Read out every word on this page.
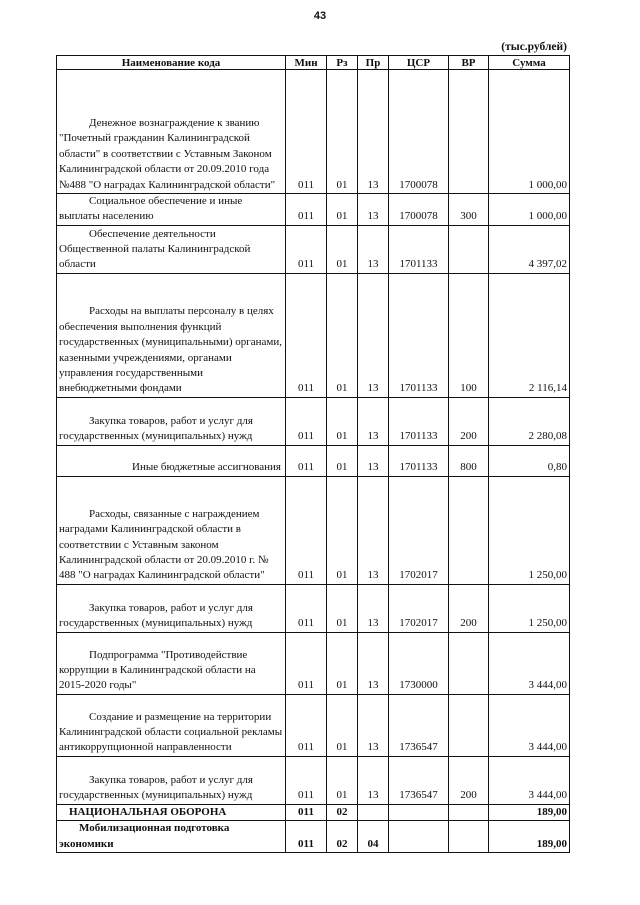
43
(тыс.рублей)
Наименование кода	Мин	Рз	Пр	ЦСР	ВР	Сумма

Денежное вознаграждение к званию "Почетный гражданин Калининградской области" в соответствии с Уставным Законом Калининградской области от 20.09.2010 года №488 "О наградах Калининградской области"	011	01	13	1700078		1 000,00

Социальное обеспечение и иные выплаты населению	011	01	13	1700078	300	1 000,00

Обеспечение деятельности Общественной палаты Калининградской области	011	01	13	1701133		4 397,02

Расходы на выплаты персоналу в целях обеспечения выполнения функций государственных (муниципальными) органами, казенными учреждениями, органами управления государственными внебюджетными фондами	011	01	13	1701133	100	2 116,14

Закупка товаров, работ и услуг для государственных (муниципальных) нужд	011	01	13	1701133	200	2 280,08

Иные бюджетные ассигнования	011	01	13	1701133	800	0,80

Расходы, связанные с награждением наградами Калининградской области в соответствии с Уставным законом Калининградской области от 20.09.2010 г. № 488 "О наградах Калининградской области"	011	01	13	1702017		1 250,00

Закупка товаров, работ и услуг для государственных (муниципальных) нужд	011	01	13	1702017	200	1 250,00

Подпрограмма "Противодействие коррупции в Калининградской области на 2015-2020 годы"	011	01	13	1730000		3 444,00

Создание и размещение на территории Калининградской области социальной рекламы антикоррупционной направленности	011	01	13	1736547		3 444,00

Закупка товаров, работ и услуг для государственных (муниципальных) нужд	011	01	13	1736547	200	3 444,00

НАЦИОНАЛЬНАЯ ОБОРОНА	011	02				189,00

Мобилизационная подготовка экономики	011	02	04			189,00
